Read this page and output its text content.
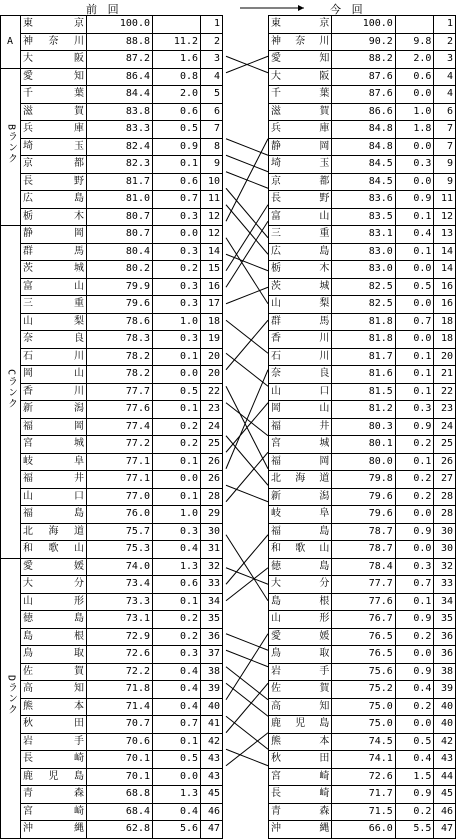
前 回	今 回
A	東京	100.0		1
	神奈川	88.8	11.2	2
	大阪	87.2	1.6	3
Bランク	愛知	86.4	0.8	4
	千葉	84.4	2.0	5
	滋賀	83.8	0.6	6
	兵庫	83.3	0.5	7
	埼玉	82.4	0.9	8
	京都	82.3	0.1	9
	長野	81.7	0.6	10
	広島	81.0	0.7	11
	栃木	80.7	0.3	12
Cランク	静岡	80.7	0.0	12
	群馬	80.4	0.3	14
	茨城	80.2	0.2	15
	富山	79.9	0.3	16
	三重	79.6	0.3	17
	山梨	78.6	1.0	18
	奈良	78.3	0.3	19
	石川	78.2	0.1	20
	岡山	78.2	0.0	20
	香川	77.7	0.5	22
	新潟	77.6	0.1	23
	福岡	77.4	0.2	24
	宮城	77.2	0.2	25
	岐阜	77.1	0.1	26
	福井	77.1	0.0	26
	山口	77.0	0.1	28
	福島	76.0	1.0	29
	北海道	75.7	0.3	30
	和歌山	75.3	0.4	31
Dランク	愛媛	74.0	1.3	32
	大分	73.4	0.6	33
	山形	73.3	0.1	34
	徳島	73.1	0.2	35
	島根	72.9	0.2	36
	鳥取	72.6	0.3	37
	佐賀	72.2	0.4	38
	高知	71.8	0.4	39
	熊本	71.4	0.4	40
	秋田	70.7	0.7	41
	岩手	70.6	0.1	42
	長崎	70.1	0.5	43
	鹿児島	70.1	0.0	43
	青森	68.8	1.3	45
	宮崎	68.4	0.4	46
	沖縄	62.8	5.6	47
東京	100.0		1
神奈川	90.2	9.8	2
愛知	88.2	2.0	3
大阪	87.6	0.6	4
千葉	87.6	0.0	4
滋賀	86.6	1.0	6
兵庫	84.8	1.8	7
静岡	84.8	0.0	7
埼玉	84.5	0.3	9
京都	84.5	0.0	9
長野	83.6	0.9	11
富山	83.5	0.1	12
三重	83.1	0.4	13
広島	83.0	0.1	14
栃木	83.0	0.0	14
茨城	82.5	0.5	16
山梨	82.5	0.0	16
群馬	81.8	0.7	18
香川	81.8	0.0	18
石川	81.7	0.1	20
奈良	81.6	0.1	21
山口	81.5	0.1	22
岡山	81.2	0.3	23
福井	80.3	0.9	24
宮城	80.1	0.2	25
福岡	80.0	0.1	26
北海道	79.8	0.2	27
新潟	79.6	0.2	28
岐阜	79.6	0.0	28
福島	78.7	0.9	30
和歌山	78.7	0.0	30
徳島	78.4	0.3	32
大分	77.7	0.7	33
島根	77.6	0.1	34
山形	76.7	0.9	35
愛媛	76.5	0.2	36
鳥取	76.5	0.0	36
岩手	75.6	0.9	38
佐賀	75.2	0.4	39
高知	75.0	0.2	40
鹿児島	75.0	0.0	40
熊本	74.5	0.5	42
秋田	74.1	0.4	43
宮崎	72.6	1.5	44
長崎	71.7	0.9	45
青森	71.5	0.2	46
沖縄	66.0	5.5	47
